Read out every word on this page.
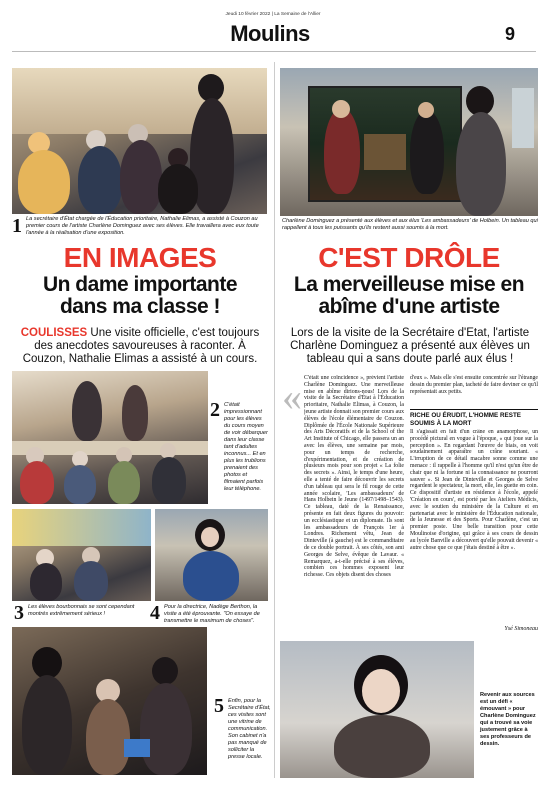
Jeudi 10 février 2022 | La Semaine de l'Allier
Moulins	9
1 La secrétaire d'État chargée de l'Éducation prioritaire, Nathalie Elimas, a assisté à Couzon au premier cours de l'artiste Charlène Dominguez avec ses élèves. Elle travaillera avec eux toute l'année à la réalisation d'une exposition.
EN IMAGES
Un dame importante dans ma classe !
COULISSES Une visite officielle, c'est toujours des anecdotes savoureuses à raconter. À Couzon, Nathalie Elimas a assisté à un cours.
2 C'était impressionnant pour les élèves du cours moyen de voir débarquer dans leur classe tant d'adultes inconnus... Et en plus les trublions prenaient des photos et filmaient parfois leur téléphone.
3 Les élèves bourbonnais se sont cependant montrés extrêmement sérieux !	4 Pour la directrice, Nadège Berthon, la visite a été éprouvante. "On essaye de transmettre le maximum de choses".
5 Enfin, pour la Secrétaire d'État, ces visites sont une vitrine de communication. Son cabinet n'a pas manqué de solliciter la presse locale.
Charlène Dominguez a présenté aux élèves et aux élus 'Les ambassadeurs' de Holbein. Un tableau qui rappellent à tous les puissants qu'ils restent aussi soumis à la mort.
C'EST DRÔLE
La merveilleuse mise en abîme d'une artiste
Lors de la visite de la Secrétaire d'Etat, l'artiste Charlène Dominguez a présenté aux élèves un tableau qui a sans doute parlé aux élus !
« C'était une coïncidence », prévient l'artiste Charlène Dominguez. Une merveilleuse mise en abîme dirions-nous! Lors de la visite de la Secrétaire d'État à l'Éducation prioritaire, Nathalie Elimas, à Couzon, la jeune artiste donnait son premier cours aux élèves de l'école élémentaire de Couzon. Diplômée de l'École Nationale Supérieure des Arts Décoratifs et de la School of the Art Institute of Chicago, elle passera un an avec les élèves, une semaine par mois, pour un temps de recherche, d'expérimentation, et de création de plusieurs mois pour son projet « La folie des secrets ». Ainsi, le temps d'une heure, elle a tenté de faire découvrir les secrets d'un tableau qui sera le fil rouge de cette année scolaire, 'Les ambassadeurs' de Hans Holbein le Jeune (1497/1498–1543). Ce tableau, daté de la Renaissance, présente en fait deux figures du pouvoir: un ecclésiastique et un diplomate. Ils sont les ambassadeurs de François 1er à Londres. Richement vêtu, Jean de Dinteville (à gauche) est le commanditaire de ce double portrait. À ses côtés, son ami Georges de Selve, évêque de Lavaur. « Remarquez, a-t-elle précisé à ses élèves, combien ces hommes exposent leur richesse. Ces objets disent des choses
d'eux ». Mais elle s'est ensuite concentrée sur l'étrange dessin du premier plan, tacheté de faire deviner ce qu'il représentait aux petits.
RICHE OU ÉRUDIT, L'HOMME RESTE SOUMIS À LA MORT
Il s'agissait en fait d'un crâne en anamorphose, un procédé pictural en vogue à l'époque, « qui joue sur la perception ». En regardant l'œuvre de biais, on voit soudainement apparaître un crâne souriant. « L'irruption de ce détail macabre sonne comme une menace : il rappelle à l'homme qu'il n'est qu'un être de chair que ni la fortune ni la connaissance ne pourront sauver ». Si Jean de Dinteville et Georges de Selve regardent le spectateur, la mort, elle, les guette en coin. Ce dispositif d'artiste en résidence à l'école, appelé 'Création en cours', est porté par les Ateliers Médicis, avec le soutien du ministère de la Culture et en partenariat avec le ministère de l'Éducation nationale, de la Jeunesse et des Sports. Pour Charlène, c'est un premier poste. Une belle transition pour cette Moulinoise d'origine, qui grâce à ses cours de dessin au lycée Banville a découvert qu'elle pouvait devenir « autre chose que ce que j'étais destiné à être ».
Ysé Simoneau
Revenir aux sources est un défi « émouvant » pour Charlène Dominguez qui a trouvé sa voie justement grâce à ses professeurs de dessin.
